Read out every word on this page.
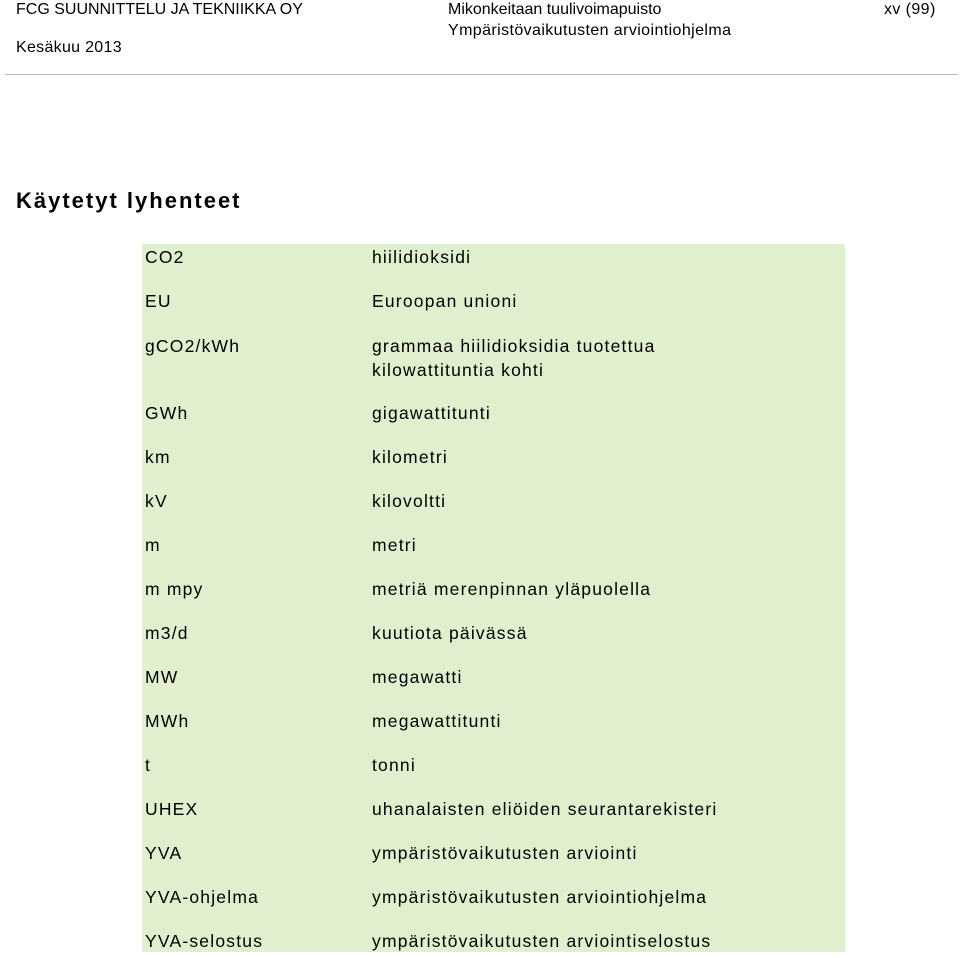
FCG SUUNNITTELU JA TEKNIIKKA OY
Kesäkuu 2013
Mikonkeitaan tuulivoimapuisto
Ympäristövaikutusten arviointiohjelma
xv (99)
Käytetyt lyhenteet
CO2	hiilidioksidi
EU	Euroopan unioni
gCO2/kWh	grammaa hiilidioksidia tuotettua
kilowattituntia kohti
GWh	gigawattitunti
km	kilometri
kV	kilovoltti
m	metri
m mpy	metriä merenpinnan yläpuolella
m3/d	kuutiota päivässä
MW	megawatti
MWh	megawattitunti
t	tonni
UHEX	uhanalaisten eliöiden seurantarekisteri
YVA	ympäristövaikutusten arviointi
YVA-ohjelma	ympäristövaikutusten arviointiohjelma
YVA-selostus	ympäristövaikutusten arviointiselostus
